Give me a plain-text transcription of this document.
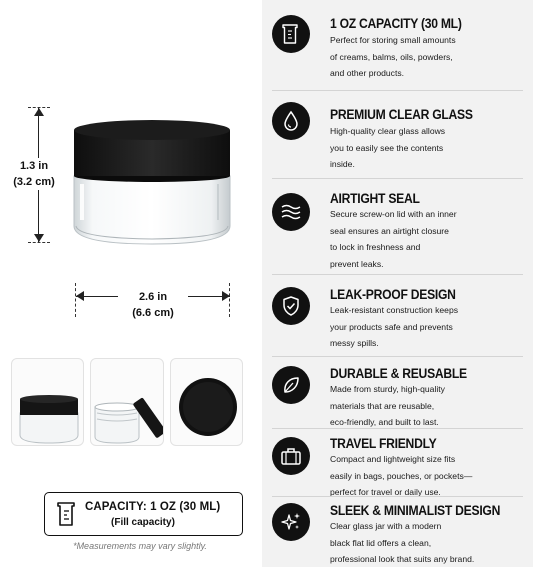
1.3 in
(3.2 cm)
2.6 in
(6.6 cm)
CAPACITY: 1 OZ (30 ML)
(Fill capacity)
*Measurements may vary slightly.
1 OZ CAPACITY (30 ML)
Perfect for storing small amounts
of creams, balms, oils, powders,
and other products.
PREMIUM CLEAR GLASS
High-quality clear glass allows
you to easily see the contents
inside.
AIRTIGHT SEAL
Secure screw-on lid with an inner
seal ensures an airtight closure
to lock in freshness and
prevent leaks.
LEAK-PROOF DESIGN
Leak-resistant construction keeps
your products safe and prevents
messy spills.
DURABLE & REUSABLE
Made from sturdy, high-quality
materials that are reusable,
eco-friendly, and built to last.
TRAVEL FRIENDLY
Compact and lightweight size fits
easily in bags, pouches, or pockets—
perfect for travel or daily use.
SLEEK & MINIMALIST DESIGN
Clear glass jar with a modern
black flat lid offers a clean,
professional look that suits any brand.
